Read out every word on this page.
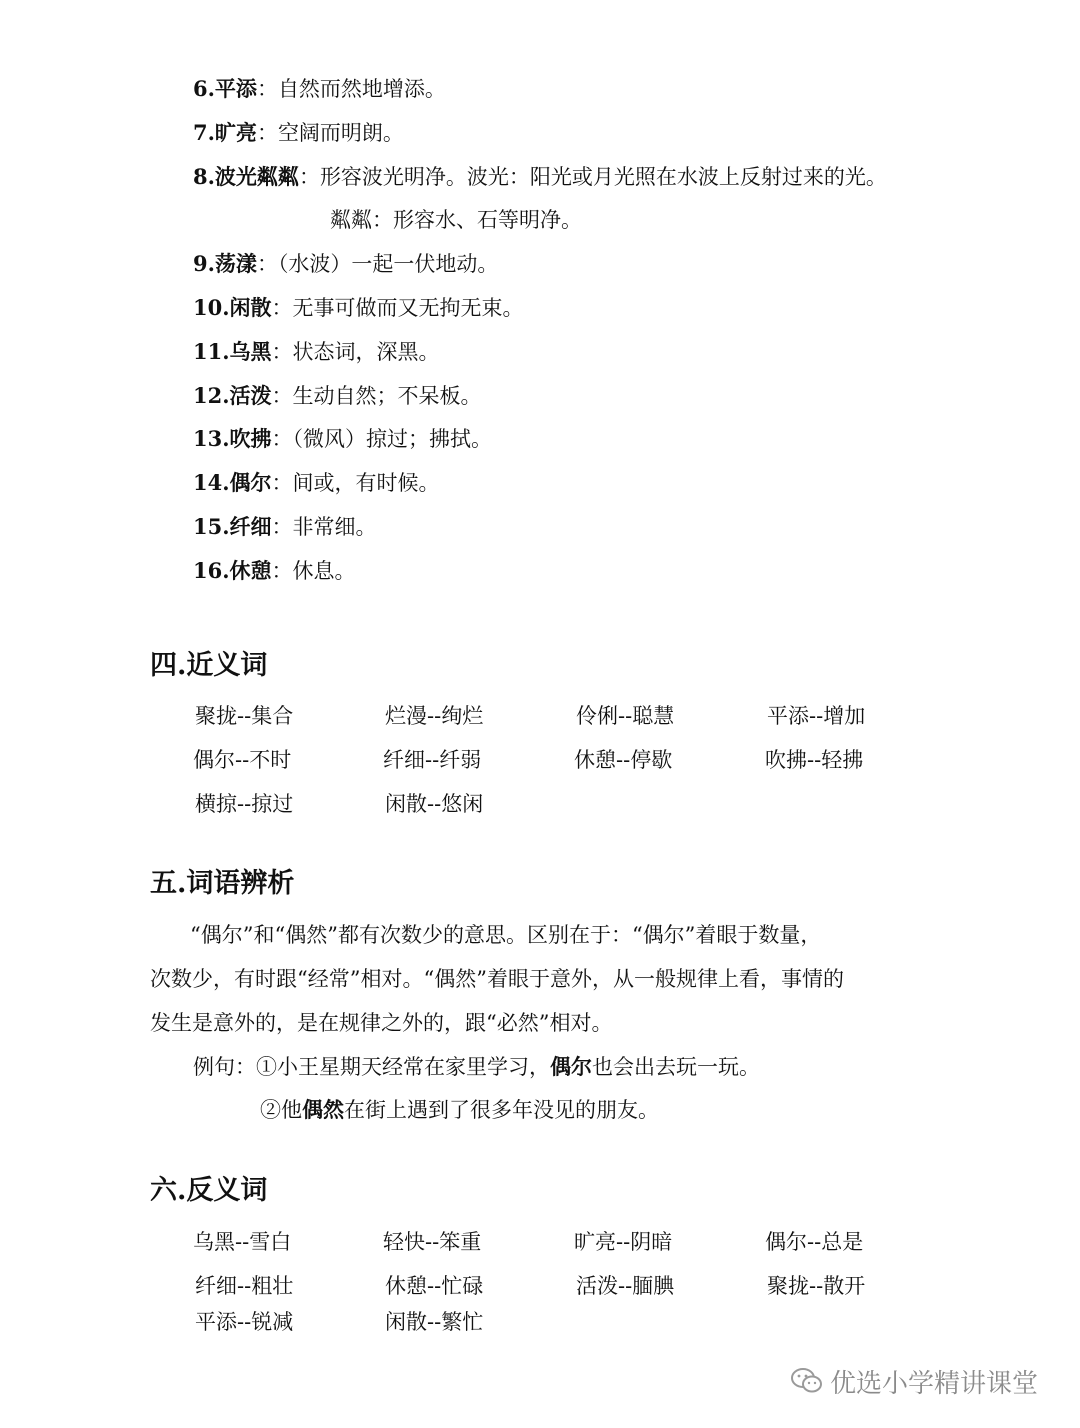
6.平添：自然而然地增添。
7.旷亮：空阔而明朗。
8.波光粼粼：形容波光明净。波光：阳光或月光照在水波上反射过来的光。
粼粼：形容水、石等明净。
9.荡漾：（水波）一起一伏地动。
10.闲散：无事可做而又无拘无束。
11.乌黑：状态词，深黑。
12.活泼：生动自然；不呆板。
13.吹拂：（微风）掠过；拂拭。
14.偶尔：间或，有时候。
15.纤细：非常细。
16.休憩：休息。
四.近义词
聚拢--集合	烂漫--绚烂	伶俐--聪慧	平添--增加
偶尔--不时	纤细--纤弱	休憩--停歇	吹拂--轻拂
横掠--掠过	闲散--悠闲
五.词语辨析
“偶尔”和“偶然”都有次数少的意思。区别在于：“偶尔”着眼于数量，
次数少，有时跟“经常”相对。“偶然”着眼于意外，从一般规律上看，事情的
发生是意外的，是在规律之外的，跟“必然”相对。
例句：①小王星期天经常在家里学习，偶尔也会出去玩一玩。
②他偶然在街上遇到了很多年没见的朋友。
六.反义词
乌黑--雪白	轻快--笨重	旷亮--阴暗	偶尔--总是
纤细--粗壮	休憩--忙碌	活泼--腼腆	聚拢--散开
平添--锐减	闲散--繁忙
优选小学精讲课堂
